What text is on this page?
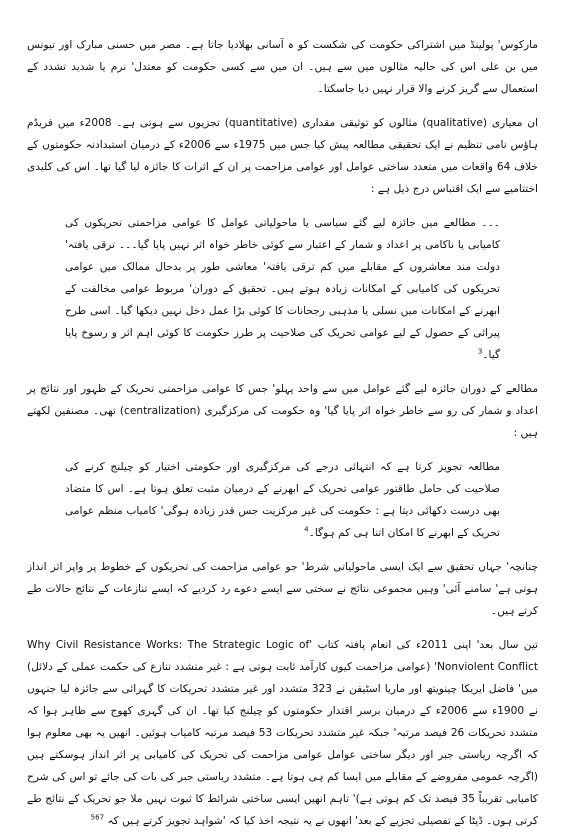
مارکوس' پولینڈ میں اشتراکی حکومت کی شکست کو ہ آسانی بھلادیا جاتا ہے۔ مصر میں حسنی مبارک اور تیونس میں بن علی اس کی حالیہ مثالوں میں سے ہیں۔ ان میں سے کسی حکومت کو معتدل' نرم یا شدید تشدد کے استعمال سے گریز کرنے والا قرار نہیں دیا جاسکتا۔

ان معیاری (qualitative) مثالوں کو توثیقی مقداری (quantitative) تجزیوں سے ہوتی ہے۔ 2008ء میں فریڈم ہاؤس نامی تنظیم نے ایک تحقیقی مطالعہ پیش کیا جس میں 1975ء سے 2006ء کے درمیان استبدادنہ حکومتوں کے خلاف 64 واقعات میں متعدد ساختی عوامل اور عوامی مزاحمت پر ان کے اثرات کا جائزہ لیا گیا تھا۔ اس کی کلیدی اختتامیے سے ایک اقتباس درج ذیل ہے :

۔۔۔ مطالعے میں جائزہ لیے گئے سیاسی یا ماحولیاتی عوامل کا عوامی مزاحمتی تحریکوں کی کامیابی یا ناکامی پر اعداد و شمار کے اعتبار سے کوئی خاطر خواہ اثر نہیں پایا گیا۔۔۔ ترقی یافتہ' دولت مند معاشروں کے مقابلے میں کم ترقی یافتہ' معاشی طور پر بدحال ممالک میں عوامی تحریکوں کی کامیابی کے امکانات زیادہ ہوتے ہیں۔ تحقیق کے دوران' مربوط عوامی مخالفت کے ابھرنے کے امکانات میں نسلی یا مذہبی رجحانات کا کوئی بڑا عمل دخل نہیں دیکھا گیا۔ اسی طرح پیرائی کے حصول کے لیے عوامی تحریک کی صلاحیت پر طرز حکومت کا کوئی اہم اثر و رسوخ پایا گیا۔$^3$

مطالعے کے دوران جائزہ لیے گئے عوامل میں سے واحد پہلو' جس کا عوامی مزاحمتی تحریک کے ظہور اور نتائج پر اعداد و شمار کی رو سے خاطر خواہ اثر پایا گیا' وہ حکومت کی مرکزگیری (centralization) تھی۔ مصنفین لکھتے ہیں :

مطالعہ تجویز کرتا ہے کہ انتہائی درجے کی مرکزگیری اور حکومتی اختیار کو چیلنج کرنے کی صلاحیت کی حامل طاقتور عوامی تحریک کے ابھرنے کے درمیان مثبت تعلق ہوتا ہے۔ اس کا متضاد بھی درست دکھائی دیتا ہے : حکومت کی غیر مرکزیت جس قدر زیادہ ہوگی' کامیاب منظم عوامی تحریک کے ابھرنے کا امکان اتنا ہی کم ہوگا۔$^4$

چنانچہ' جہاں تحقیق سے ایک ایسی ماحولیاتی شرط' جو عوامی مزاحمت کی تحریکوں کے خطوط پر واپر اثر انداز ہوتی ہے' سامنے آئی' وہیں مجموعی نتائج نے سختی سے ایسے دعوے رد کردیے کہ ایسے تنازعات کے نتائج حالات طے کرتے ہیں۔

تین سال بعد' اپنی 2011ء کی انعام یافتہ کتاب 'Why Civil Resistance Works: The Strategic Logic of Nonviolent Conflict' (عوامی مزاحمت کیوں کارآمد ثابت ہوتی ہے : غیر متشدد تنازع کی حکمت عملی کے دلائل) میں' فاضل ایریکا چینویتھ اور ماریا اسٹیفن نے 323 متشدد اور غیر متشدد تحریکات کا گہرائی سے جائزہ لیا جنہوں نے 1900ء سے 2006ء کے درمیان برسر اقتدار حکومتوں کو چیلنج کیا تھا۔ ان کی گہری کھوج سے ظاہر ہوا کہ متشدد تحریکات 26 فیصد مرتبہ' جبکہ غیر متشدد تحریکات 53 فیصد مرتبہ کامیاب ہوئیں۔ انھیں یہ بھی معلوم ہوا کہ اگرچہ ریاستی جبر اور دیگر ساختی عوامل عوامی مزاحمت کی تحریک کی کامیابی پر اثر انداز ہوسکتے ہیں (اگرچہ عمومی مفروضے کے مقابلے میں ایسا کم ہی ہوتا ہے۔ متشدد ریاستی جبر کی بات کی جائے تو اس کی شرح کامیابی تقریباً 35 فیصد تک کم ہوتی ہے)' تاہم انھیں ایسی ساختی شرائط کا ثبوت نہیں ملا جو تحریک کے نتائج طے کرتی ہوں۔ ڈیٹا کے تفصیلی تجزیے کے بعد' انھوں نے یہ نتیجہ اخذ کیا کہ 'شواہد تجویز کرتے ہیں کہ $^{567}$
